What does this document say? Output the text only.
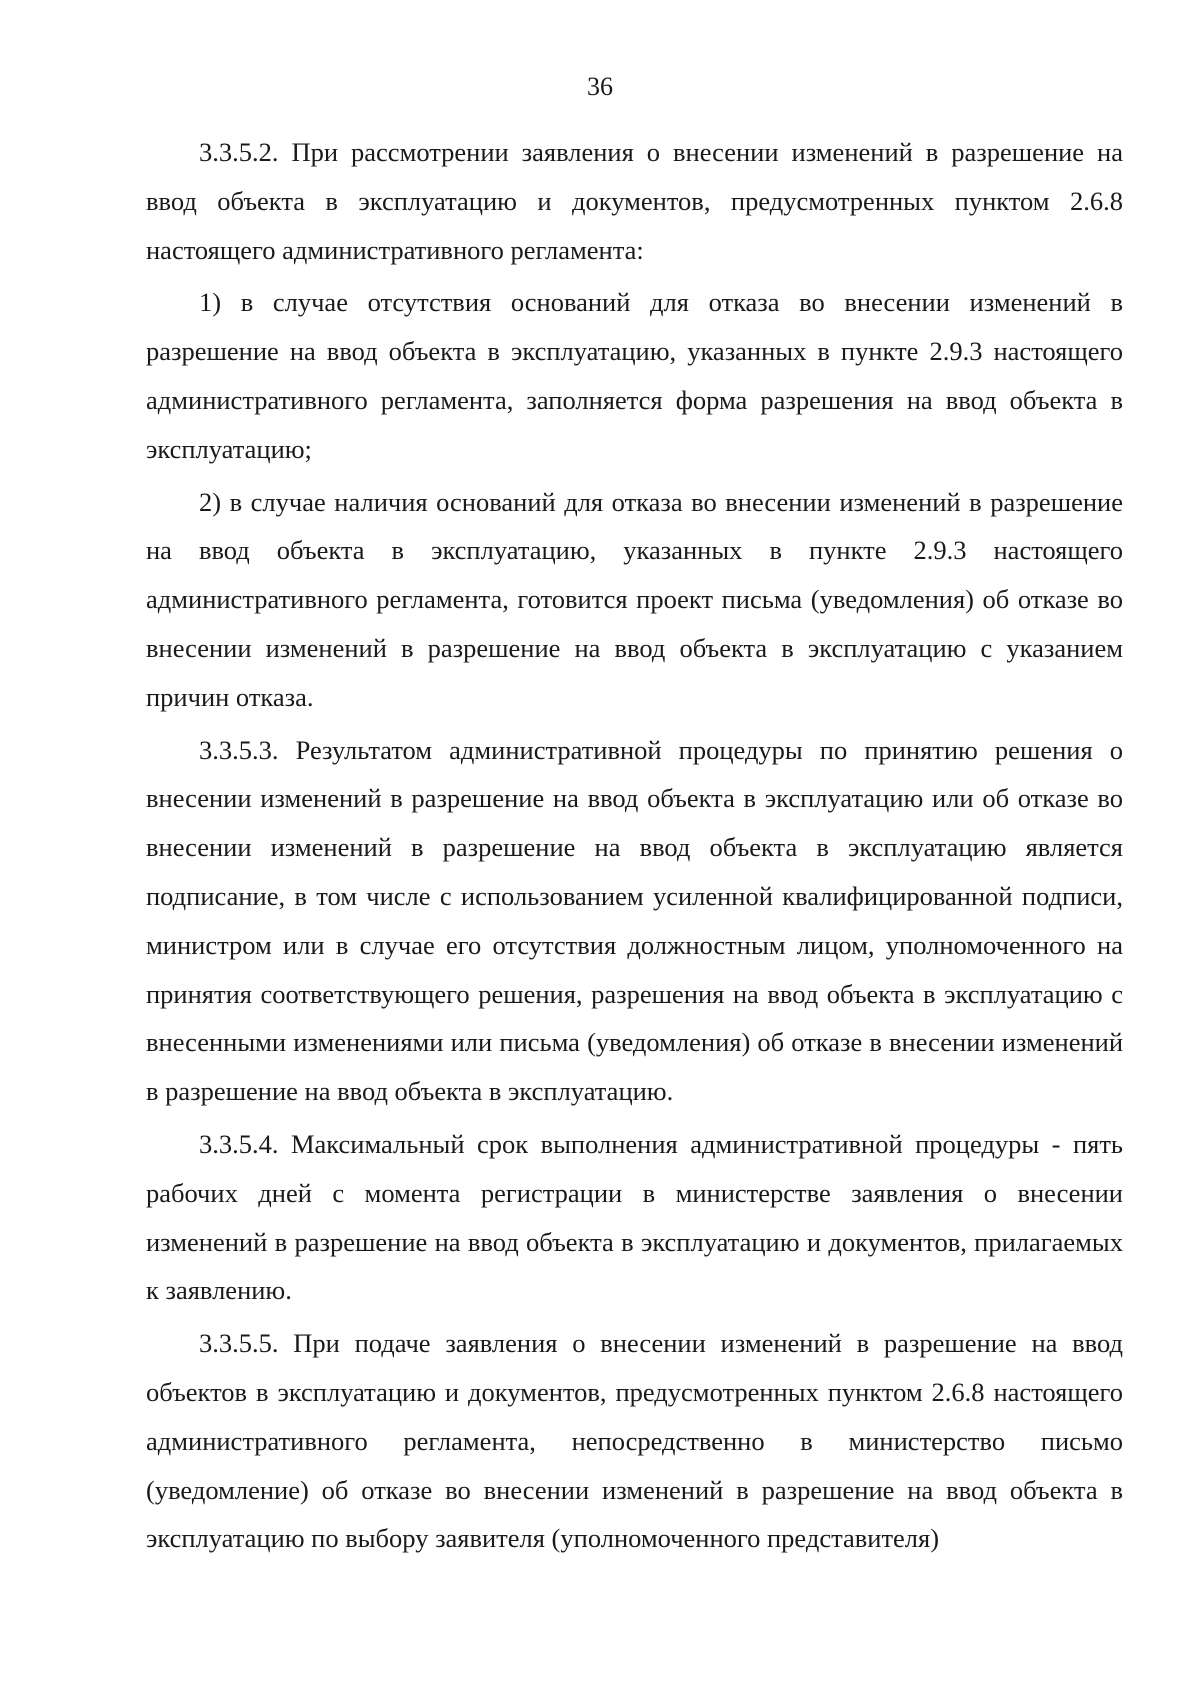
36

3.3.5.2. При рассмотрении заявления о внесении изменений в разрешение на ввод объекта в эксплуатацию и документов, предусмотренных пунктом 2.6.8 настоящего административного регламента:

1) в случае отсутствия оснований для отказа во внесении изменений в разрешение на ввод объекта в эксплуатацию, указанных в пункте 2.9.3 настоящего административного регламента, заполняется форма разрешения на ввод объекта в эксплуатацию;

2) в случае наличия оснований для отказа во внесении изменений в разрешение на ввод объекта в эксплуатацию, указанных в пункте 2.9.3 настоящего административного регламента, готовится проект письма (уведомления) об отказе во внесении изменений в разрешение на ввод объекта в эксплуатацию с указанием причин отказа.

3.3.5.3. Результатом административной процедуры по принятию решения о внесении изменений в разрешение на ввод объекта в эксплуатацию или об отказе во внесении изменений в разрешение на ввод объекта в эксплуатацию является подписание, в том числе с использованием усиленной квалифицированной подписи, министром или в случае его отсутствия должностным лицом, уполномоченного на принятия соответствующего решения, разрешения на ввод объекта в эксплуатацию с внесенными изменениями или письма (уведомления) об отказе в внесении изменений в разрешение на ввод объекта в эксплуатацию.

3.3.5.4. Максимальный срок выполнения административной процедуры - пять рабочих дней с момента регистрации в министерстве заявления о внесении изменений в разрешение на ввод объекта в эксплуатацию и документов, прилагаемых к заявлению.

3.3.5.5. При подаче заявления о внесении изменений в разрешение на ввод объектов в эксплуатацию и документов, предусмотренных пунктом 2.6.8 настоящего административного регламента, непосредственно в министерство письмо (уведомление) об отказе во внесении изменений в разрешение на ввод объекта в эксплуатацию по выбору заявителя (уполномоченного представителя)
